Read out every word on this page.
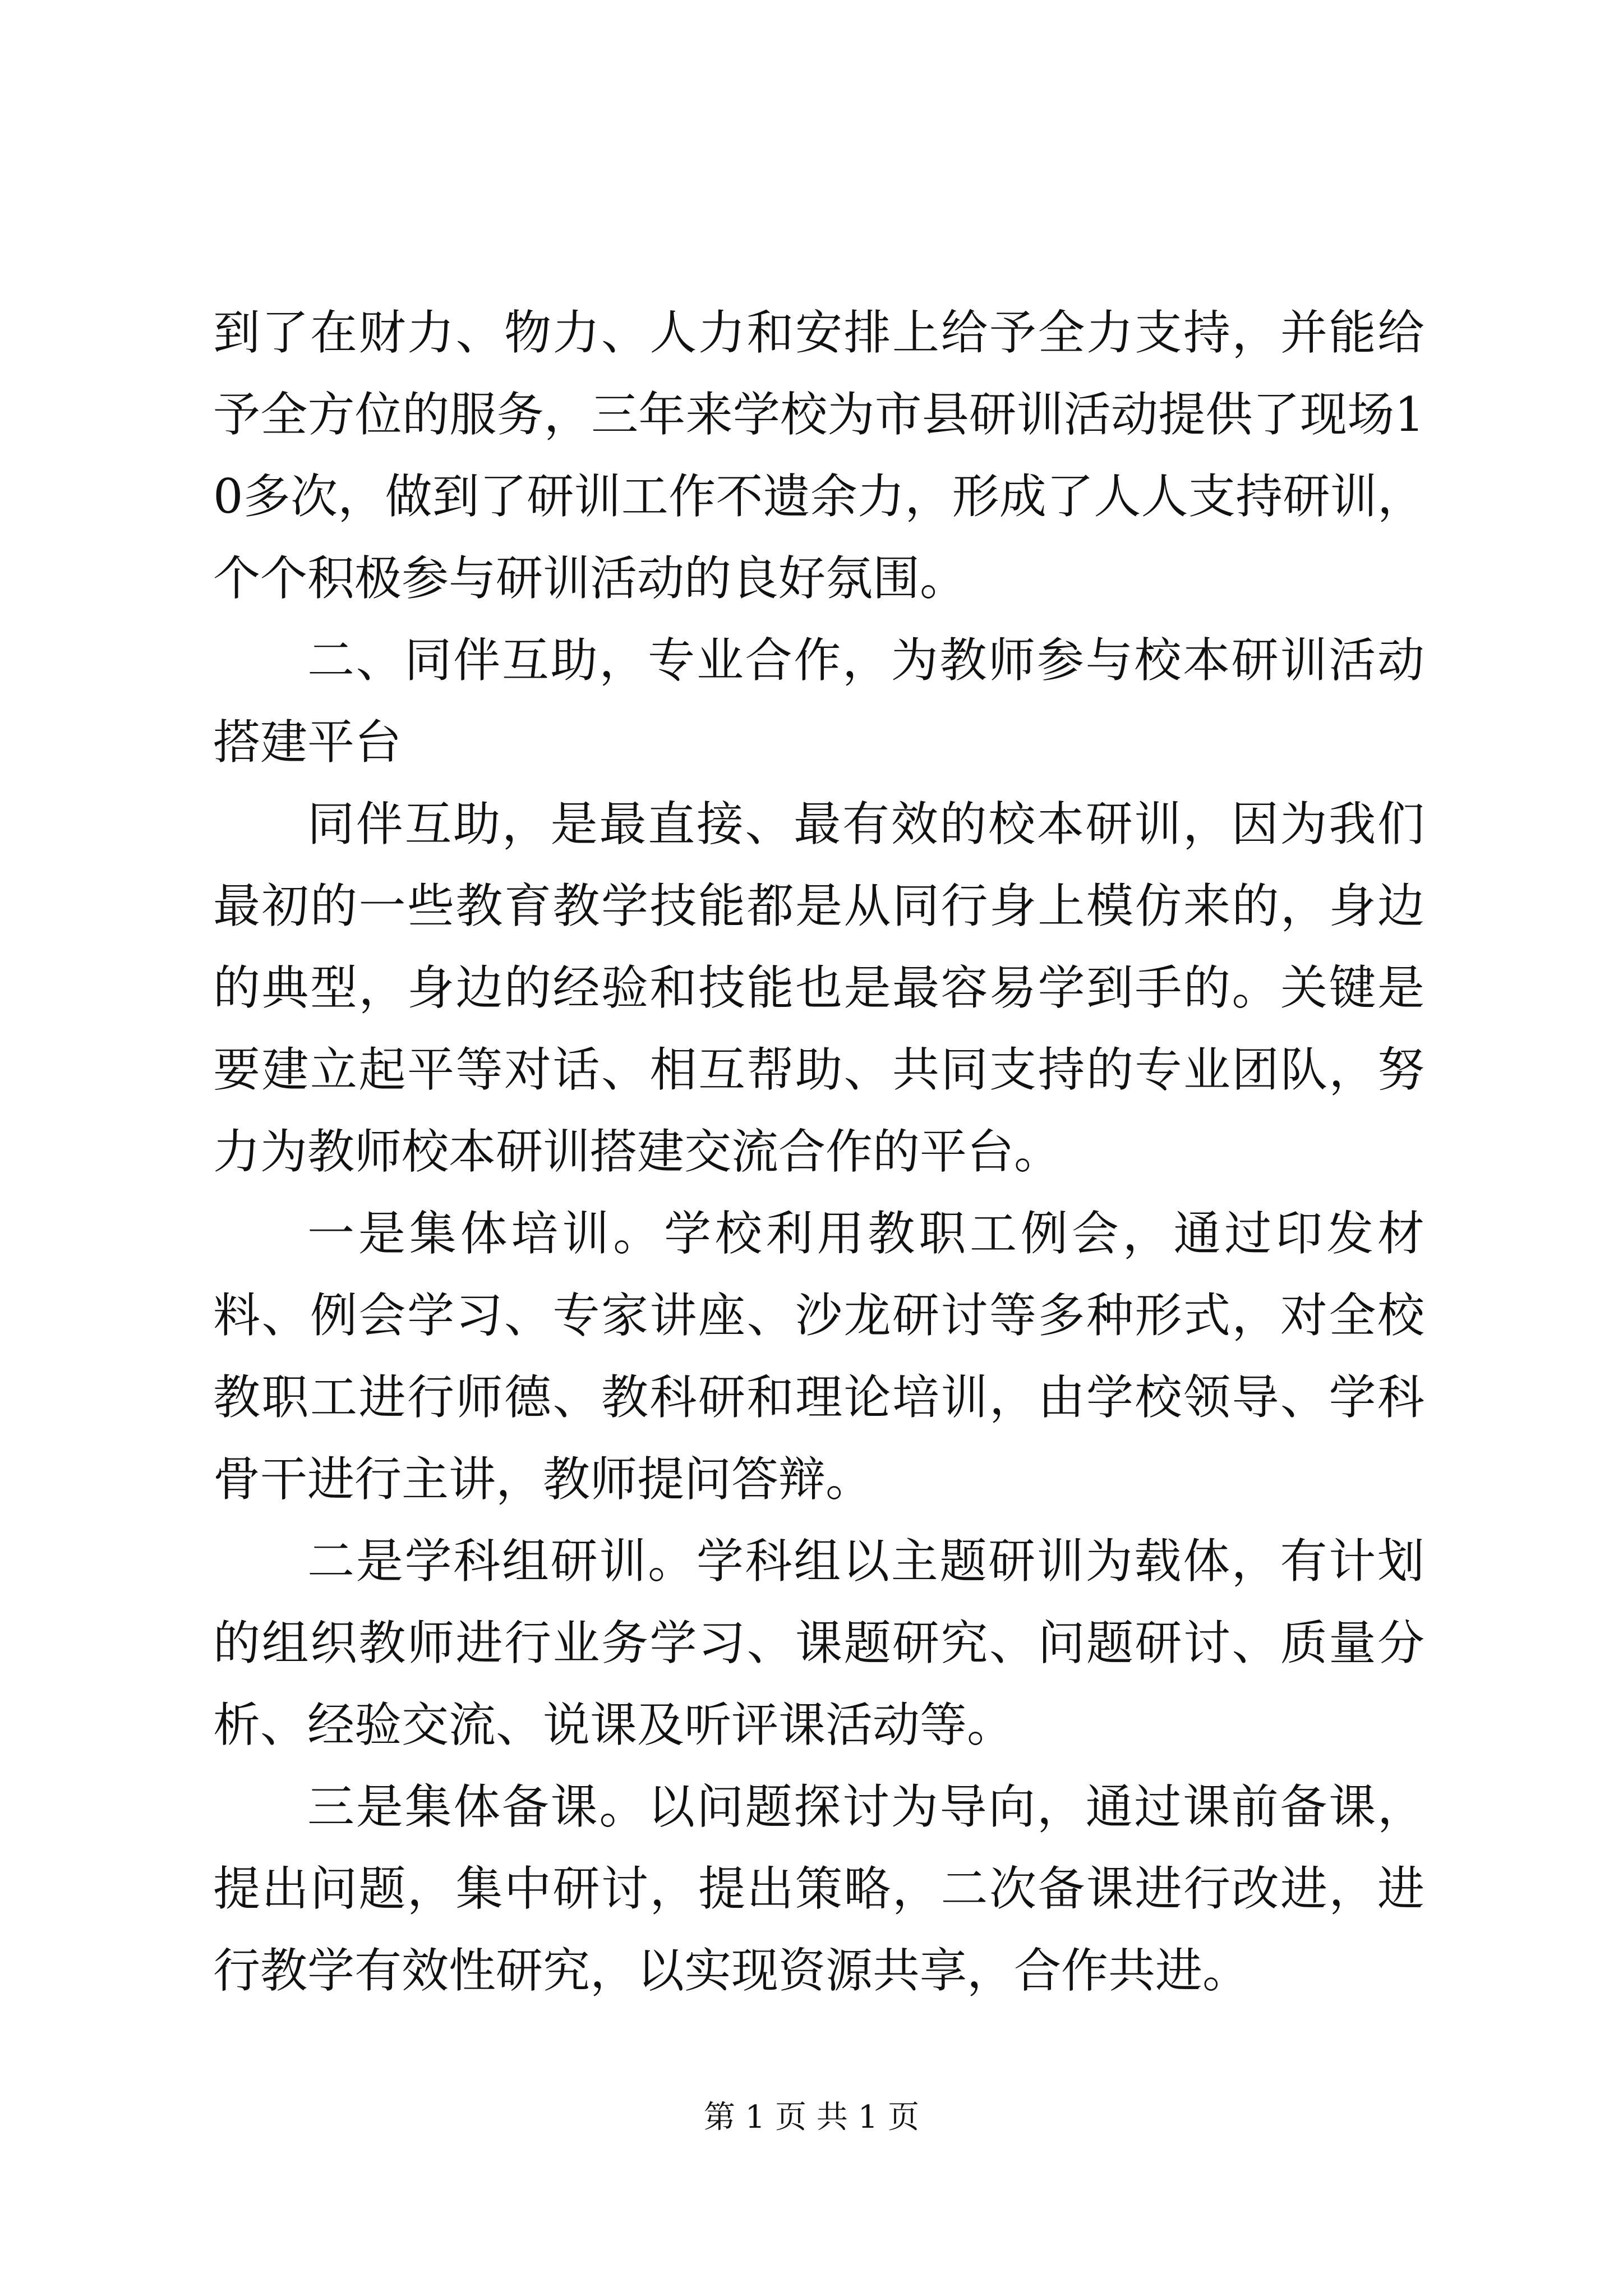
到了在财力、物力、人力和安排上给予全力支持，并能给予全方位的服务，三年来学校为市县研训活动提供了现场10多次，做到了研训工作不遗余力，形成了人人支持研训，个个积极参与研训活动的良好氛围。

二、同伴互助，专业合作，为教师参与校本研训活动搭建平台

同伴互助，是最直接、最有效的校本研训，因为我们最初的一些教育教学技能都是从同行身上模仿来的，身边的典型，身边的经验和技能也是最容易学到手的。关键是要建立起平等对话、相互帮助、共同支持的专业团队，努力为教师校本研训搭建交流合作的平台。

一是集体培训。学校利用教职工例会，通过印发材料、例会学习、专家讲座、沙龙研讨等多种形式，对全校教职工进行师德、教科研和理论培训，由学校领导、学科骨干进行主讲，教师提问答辩。

二是学科组研训。学科组以主题研训为载体，有计划的组织教师进行业务学习、课题研究、问题研讨、质量分析、经验交流、说课及听评课活动等。

三是集体备课。以问题探讨为导向，通过课前备课，提出问题，集中研讨，提出策略，二次备课进行改进，进行教学有效性研究，以实现资源共享，合作共进。

第 1 页 共 1 页
